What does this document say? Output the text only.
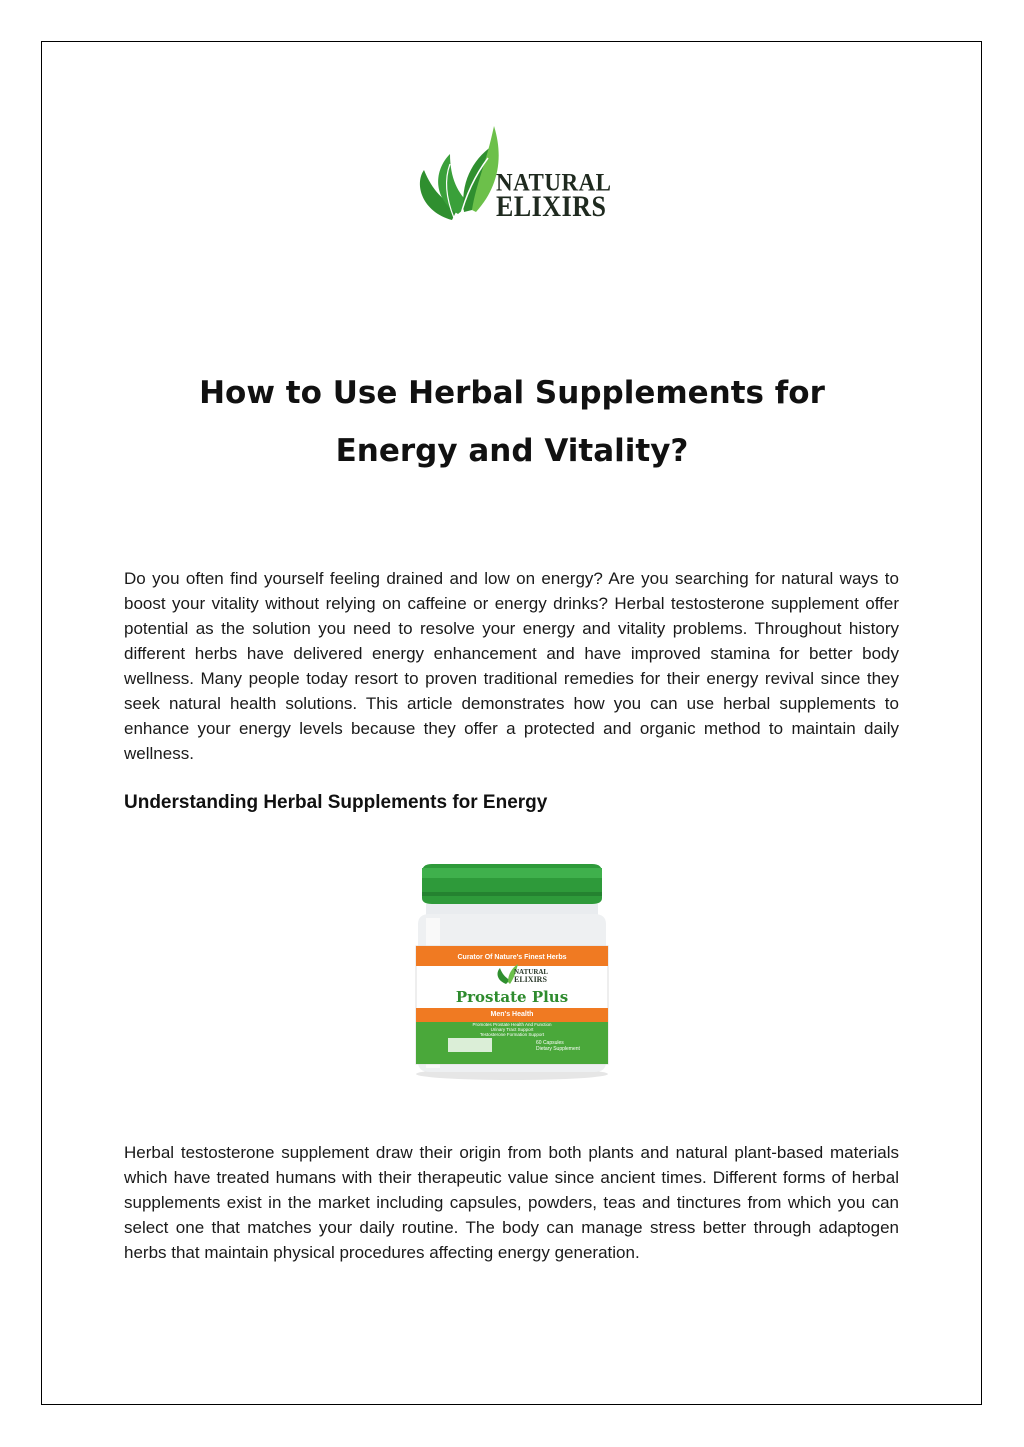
NATURAL
ELIXIRS
How to Use Herbal Supplements for
Energy and Vitality?

Do you often find yourself feeling drained and low on energy? Are you searching for natural ways to boost your vitality without relying on caffeine or energy drinks? Herbal testosterone supplement offer potential as the solution you need to resolve your energy and vitality problems. Throughout history different herbs have delivered energy enhancement and have improved stamina for better body wellness. Many people today resort to proven traditional remedies for their energy revival since they seek natural health solutions. This article demonstrates how you can use herbal supplements to enhance your energy levels because they offer a protected and organic method to maintain daily wellness.

Understanding Herbal Supplements for Energy
Curator Of Nature's Finest Herbs
NATURAL
ELIXIRS
Prostate Plus
Men's Health
Promotes Prostate Health And Function
Urinary Tract Support
Testosterone Formation Support
60 Capsules
Dietary Supplement

Herbal testosterone supplement draw their origin from both plants and natural plant-based materials which have treated humans with their therapeutic value since ancient times. Different forms of herbal supplements exist in the market including capsules, powders, teas and tinctures from which you can select one that matches your daily routine. The body can manage stress better through adaptogen herbs that maintain physical procedures affecting energy generation.
